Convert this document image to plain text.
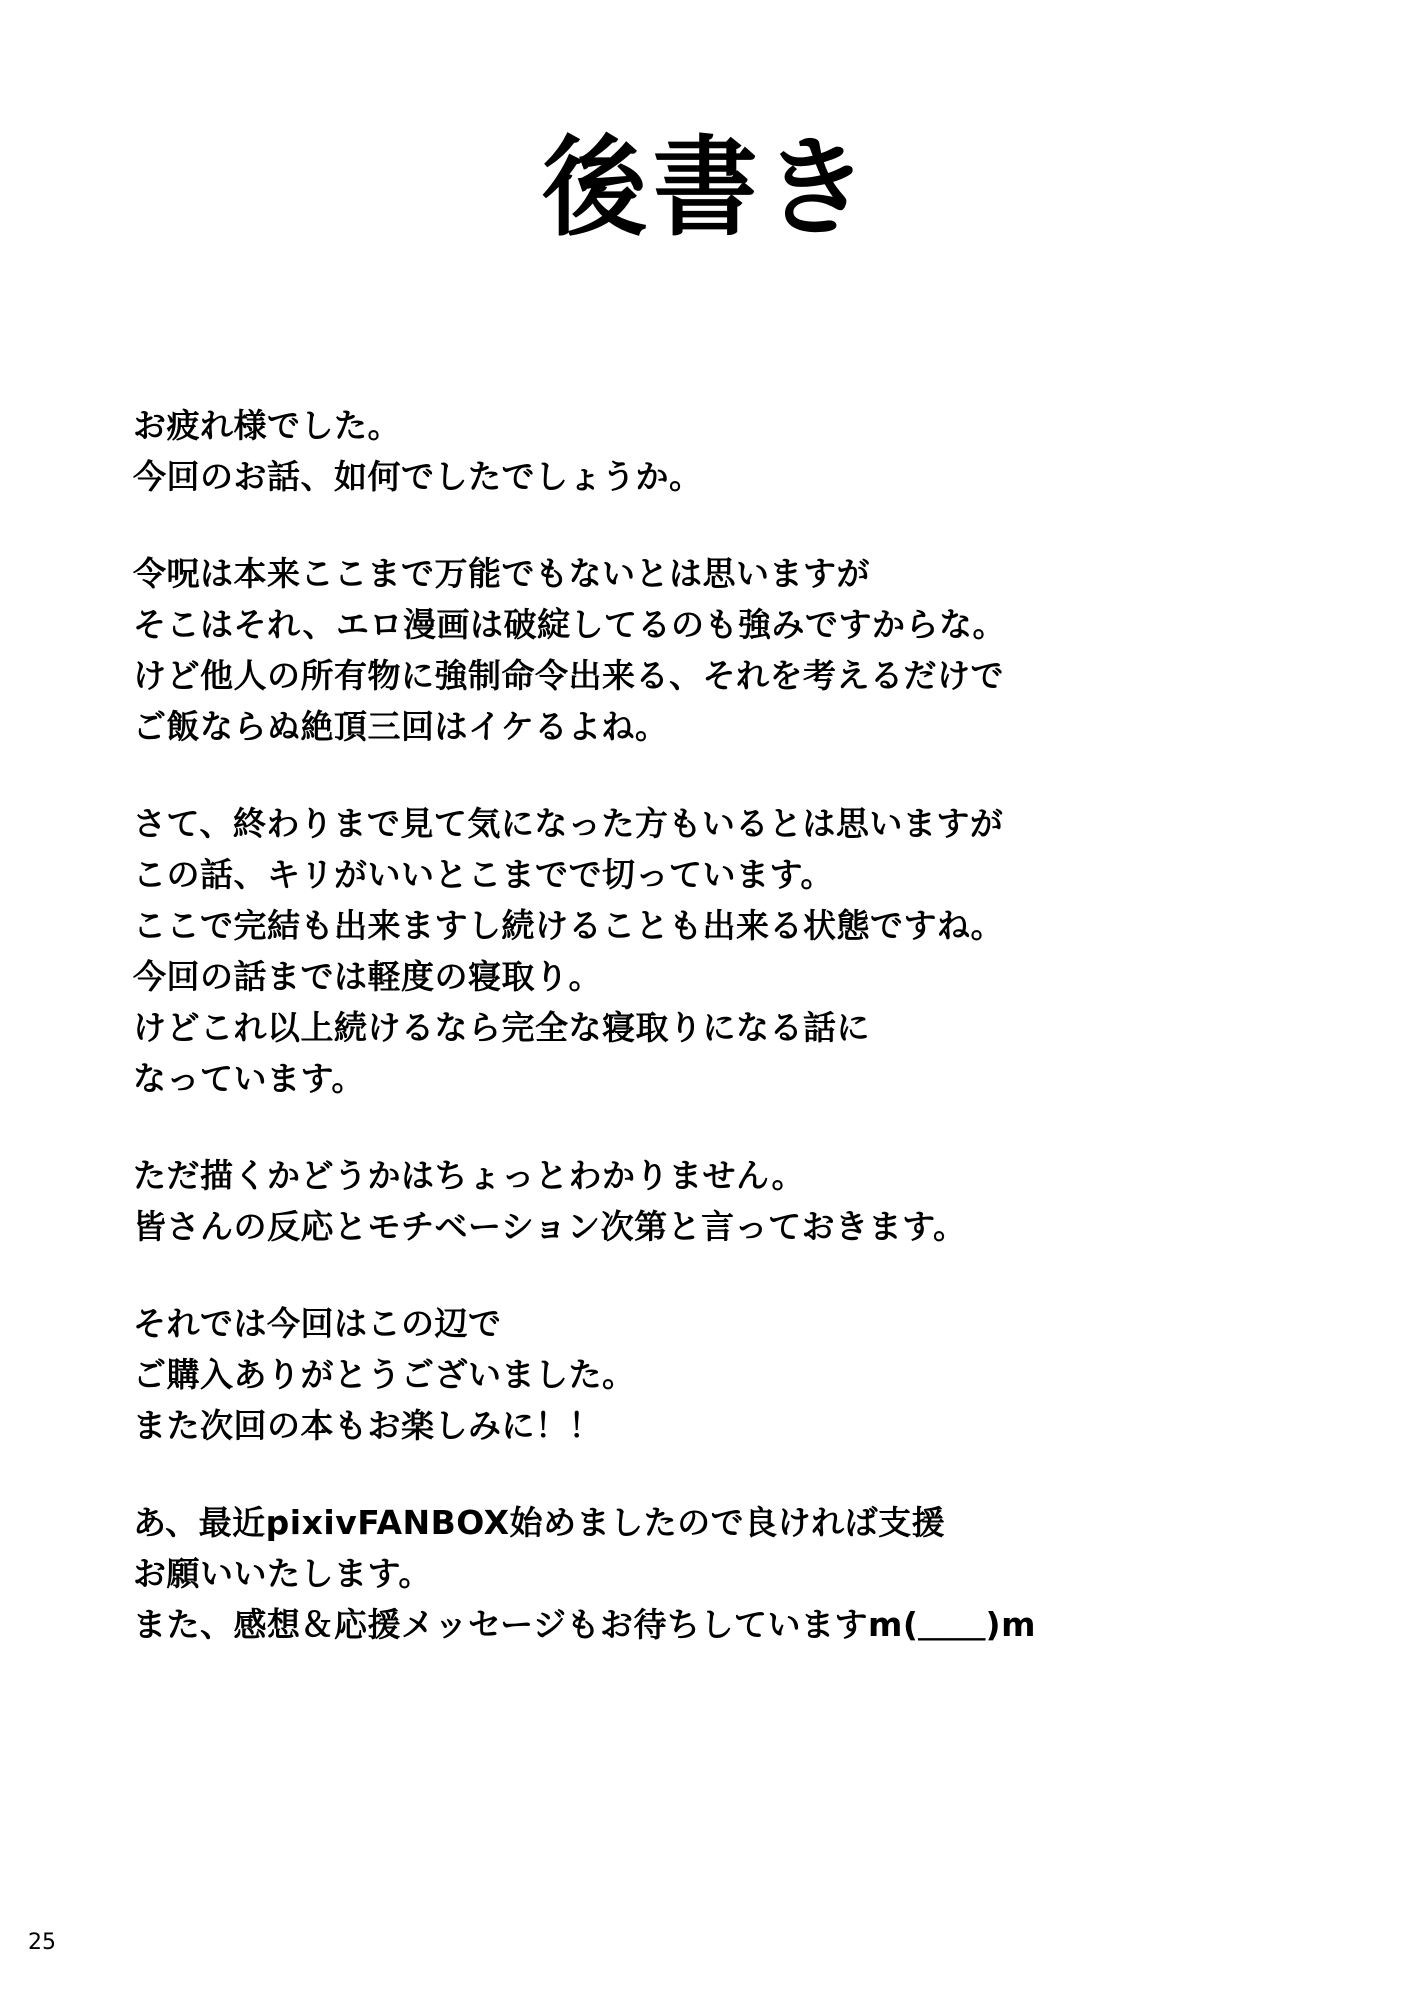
後書き
お疲れ様でした。
今回のお話、如何でしたでしょうか。
令呪は本来ここまで万能でもないとは思いますが
そこはそれ、エロ漫画は破綻してるのも強みですからな。
けど他人の所有物に強制命令出来る、それを考えるだけで
ご飯ならぬ絶頂三回はイケるよね。
さて、終わりまで見て気になった方もいるとは思いますが
この話、キリがいいとこまでで切っています。
ここで完結も出来ますし続けることも出来る状態ですね。
今回の話までは軽度の寝取り。
けどこれ以上続けるなら完全な寝取りになる話に
なっています。
ただ描くかどうかはちょっとわかりません。
皆さんの反応とモチベーション次第と言っておきます。
それでは今回はこの辺で
ご購入ありがとうございました。
また次回の本もお楽しみに！！
あ、最近pixivFANBOX始めましたので良ければ支援
お願いいたします。
また、感想＆応援メッセージもお待ちしていますm(＿＿)m
25
